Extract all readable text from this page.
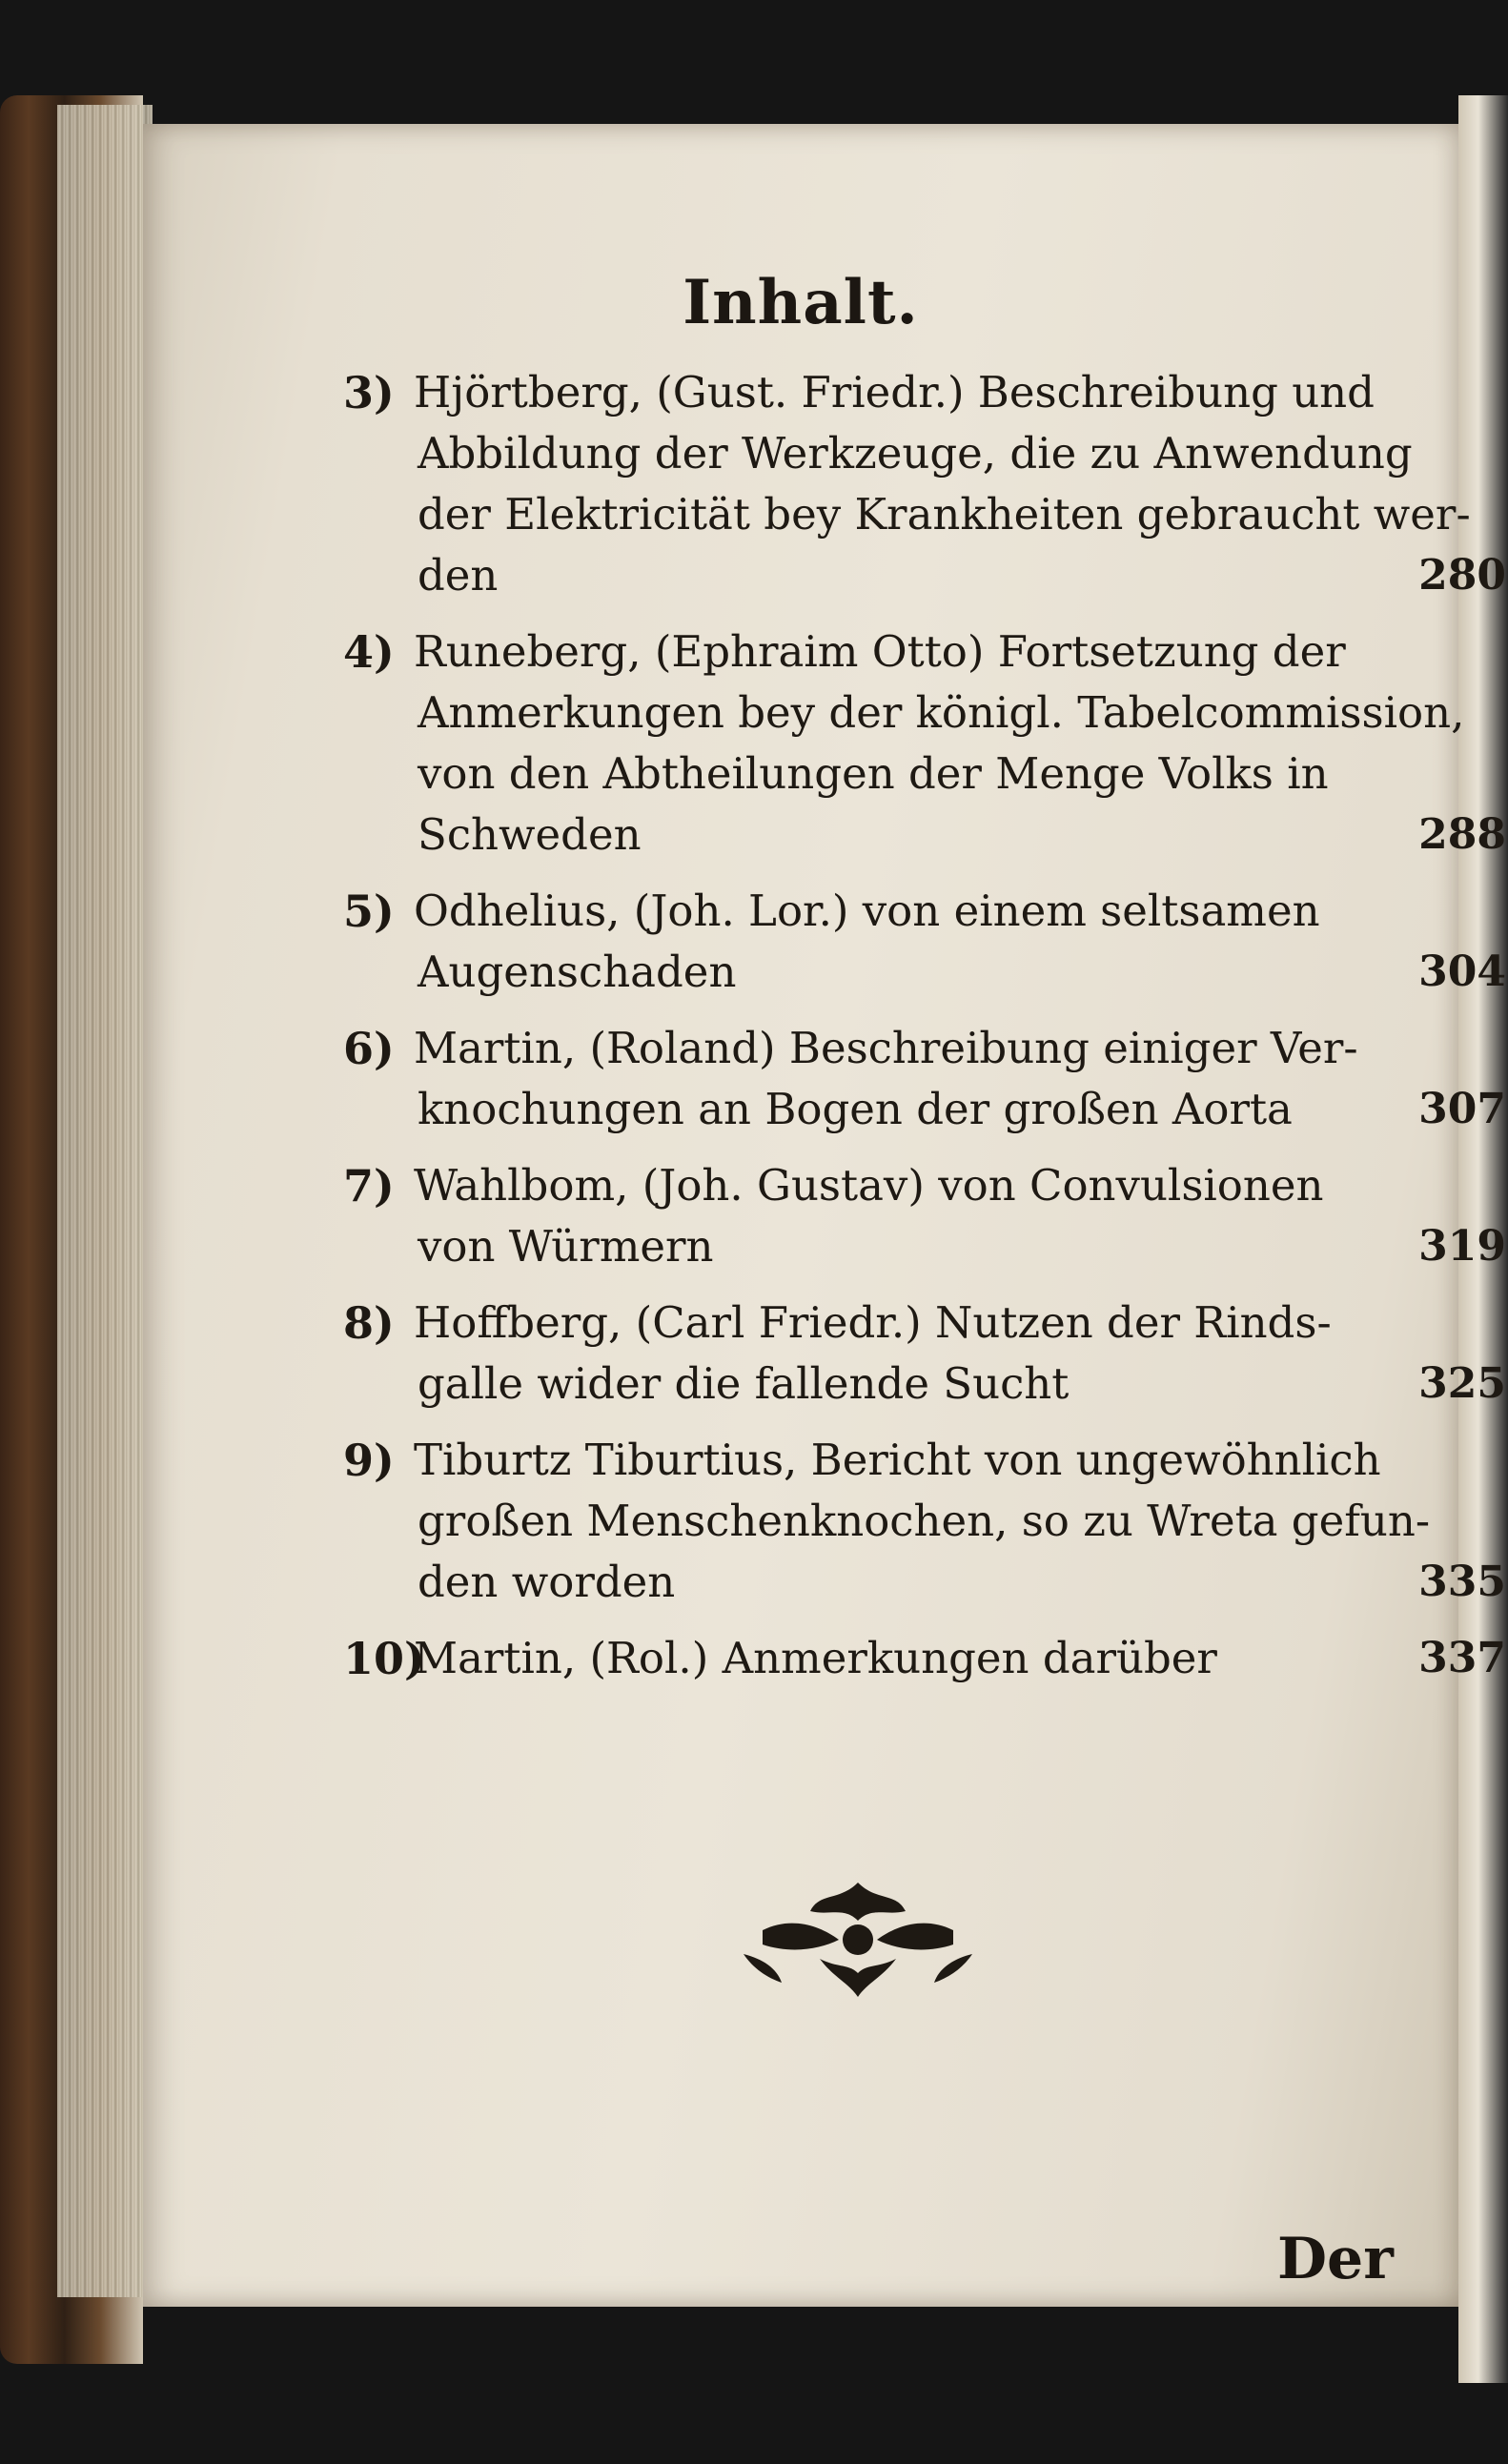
Inhalt.
3) Hjörtberg, (Gust. Friedr.) Beschreibung und
Abbildung der Werkzeuge, die zu Anwendung
der Elektricität bey Krankheiten gebraucht wer-
den	280
4) Runeberg, (Ephraim Otto) Fortsetzung der
Anmerkungen bey der königl. Tabelcommission,
von den Abtheilungen der Menge Volks in
Schweden	288
5) Odhelius, (Joh. Lor.) von einem seltsamen
Augenschaden	304
6) Martin, (Roland) Beschreibung einiger Ver-
knochungen an Bogen der großen Aorta	307
7) Wahlbom, (Joh. Gustav) von Convulsionen
von Würmern	319
8) Hoffberg, (Carl Friedr.) Nutzen der Rinds-
galle wider die fallende Sucht	325
9) Tiburtz Tiburtius, Bericht von ungewöhnlich
großen Menschenknochen, so zu Wreta gefun-
den worden	335
10)
Martin, (Rol.) Anmerkungen darüber	337
Der
